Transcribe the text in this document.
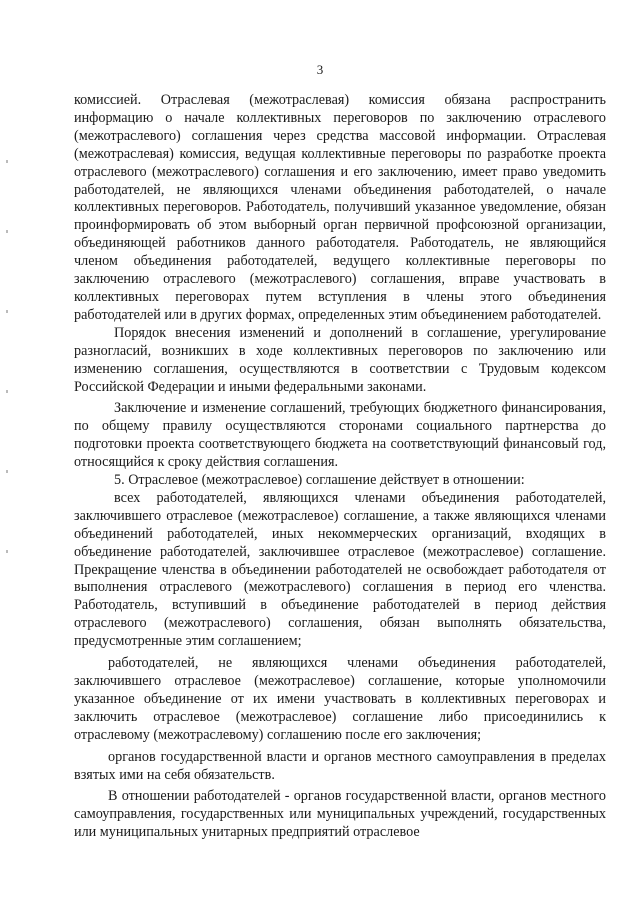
3

комиссией. Отраслевая (межотраслевая) комиссия обязана распространить информацию о начале коллективных переговоров по заключению отраслевого (межотраслевого) соглашения через средства массовой информации. Отраслевая (межотраслевая) комиссия, ведущая коллективные переговоры по разработке проекта отраслевого (межотраслевого) соглашения и его заключению, имеет право уведомить работодателей, не являющихся членами объединения работодателей, о начале коллективных переговоров. Работодатель, получивший указанное уведомление, обязан проинформировать об этом выборный орган первичной профсоюзной организации, объединяющей работников данного работодателя. Работодатель, не являющийся членом объединения работодателей, ведущего коллективные переговоры по заключению отраслевого (межотраслевого) соглашения, вправе участвовать в коллективных переговорах путем вступления в члены этого объединения работодателей или в других формах, определенных этим объединением работодателей.

Порядок внесения изменений и дополнений в соглашение, урегулирование разногласий, возникших в ходе коллективных переговоров по заключению или изменению соглашения, осуществляются в соответствии с Трудовым кодексом Российской Федерации и иными федеральными законами.

Заключение и изменение соглашений, требующих бюджетного финансирования, по общему правилу осуществляются сторонами социального партнерства до подготовки проекта соответствующего бюджета на соответствующий финансовый год, относящийся к сроку действия соглашения.

5. Отраслевое (межотраслевое) соглашение действует в отношении:

всех работодателей, являющихся членами объединения работодателей, заключившего отраслевое (межотраслевое) соглашение, а также являющихся членами объединений работодателей, иных некоммерческих организаций, входящих в объединение работодателей, заключившее отраслевое (межотраслевое) соглашение. Прекращение членства в объединении работодателей не освобождает работодателя от выполнения отраслевого (межотраслевого) соглашения в период его членства. Работодатель, вступивший в объединение работодателей в период действия отраслевого (межотраслевого) соглашения, обязан выполнять обязательства, предусмотренные этим соглашением;

работодателей, не являющихся членами объединения работодателей, заключившего отраслевое (межотраслевое) соглашение, которые уполномочили указанное объединение от их имени участвовать в коллективных переговорах и заключить отраслевое (межотраслевое) соглашение либо присоединились к отраслевому (межотраслевому) соглашению после его заключения;

органов государственной власти и органов местного самоуправления в пределах взятых ими на себя обязательств.

В отношении работодателей - органов государственной власти, органов местного самоуправления, государственных или муниципальных учреждений, государственных или муниципальных унитарных предприятий отраслевое
